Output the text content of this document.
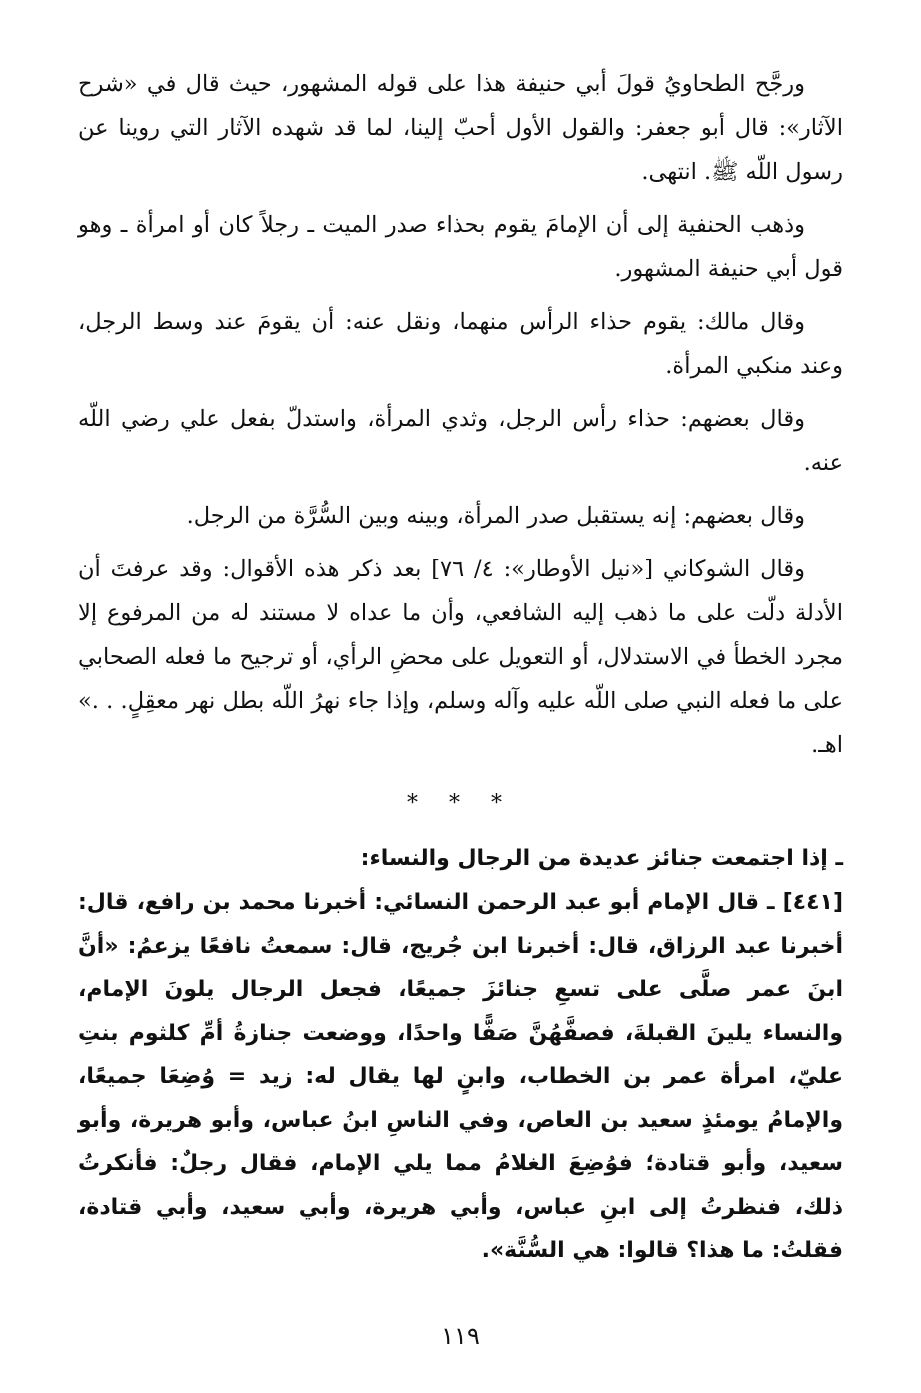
ورجَّح الطحاويُ قولَ أبي حنيفة هذا على قوله المشهور، حيث قال في «شرح الآثار»: قال أبو جعفر: والقول الأول أحبّ إلينا، لما قد شهده الآثار التي روينا عن رسول اللّه ﷺ. انتهى.

وذهب الحنفية إلى أن الإمامَ يقوم بحذاء صدر الميت ـ رجلاً كان أو امرأة ـ وهو قول أبي حنيفة المشهور.

وقال مالك: يقوم حذاء الرأس منهما، ونقل عنه: أن يقومَ عند وسط الرجل، وعند منكبي المرأة.

وقال بعضهم: حذاء رأس الرجل، وثدي المرأة، واستدلّ بفعل علي رضي اللّه عنه.

وقال بعضهم: إنه يستقبل صدر المرأة، وبينه وبين السُّرَّة من الرجل.

وقال الشوكاني [«نيل الأوطار»: ٤/ ٧٦] بعد ذكر هذه الأقوال: وقد عرفتَ أن الأدلة دلّت على ما ذهب إليه الشافعي، وأن ما عداه لا مستند له من المرفوع إلا مجرد الخطأ في الاستدلال، أو التعويل على محضِ الرأي، أو ترجيح ما فعله الصحابي على ما فعله النبي صلى اللّه عليه وآله وسلم، وإذا جاء نهرُ اللّه بطل نهر معقِلٍ. . .» اهـ.

* * *

ـ إذا اجتمعت جنائز عديدة من الرجال والنساء:

[٤٤١] ـ قال الإمام أبو عبد الرحمن النسائي: أخبرنا محمد بن رافع، قال: أخبرنا عبد الرزاق، قال: أخبرنا ابن جُريج، قال: سمعتُ نافعًا يزعمُ: «أنَّ ابنَ عمر صلَّى على تسعِ جنائزَ جميعًا، فجعل الرجال يلونَ الإمام، والنساء يلينَ القبلةَ، فصفَّهُنَّ صَفًّا واحدًا، ووضعت جنازةُ أمِّ كلثوم بنتِ عليّ، امرأة عمر بن الخطاب، وابنٍ لها يقال له: زيد = وُضِعَا جميعًا، والإمامُ يومئذٍ سعيد بن العاص، وفي الناسِ ابنُ عباس، وأبو هريرة، وأبو سعيد، وأبو قتادة؛ فوُضِعَ الغلامُ مما يلي الإمام، فقال رجلٌ: فأنكرتُ ذلك، فنظرتُ إلى ابنِ عباس، وأبي هريرة، وأبي سعيد، وأبي قتادة، فقلتُ: ما هذا؟ قالوا: هي السُّنَّة».

١١٩
